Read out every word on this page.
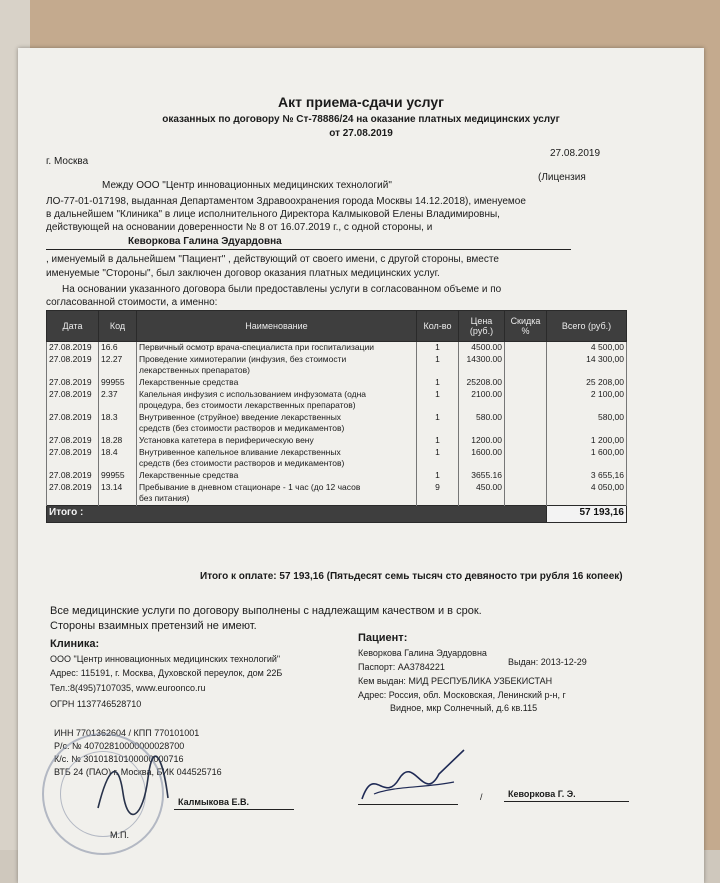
Акт приема-сдачи услуг
оказанных по договору № Ст-78886/24 на оказание платных медицинских услуг
от 27.08.2019
г. Москва
27.08.2019
Между ООО "Центр инновационных медицинских технологий"
(Лицензия
ЛО-77-01-017198, выданная Департаментом Здравоохранения города Москвы 14.12.2018), именуемое
в дальнейшем "Клиника" в лице исполнительного Директора Калмыковой Елены Владимировны,
действующей на основании доверенности № 8 от 16.07.2019 г., с одной стороны, и
Кеворкова Галина Эдуардовна
, именуемый в дальнейшем "Пациент" , действующий от своего имени, с другой стороны, вместе
именуемые "Стороны", был заключен договор оказания платных медицинских услуг.
На основании указанного договора были предоставлены услуги в согласованном объеме и по
согласованной стоимости, а именно:
Дата	Код	Наименование	Кол-во	Цена (руб.)	Скидка %	Всего (руб.)
27.08.2019	16.6	Первичный осмотр врача-специалиста при госпитализации	1	4500.00		4 500,00
27.08.2019	12.27	Проведение химиотерапии (инфузия, без стоимости
лекарственных препаратов)	1	14300.00		14 300,00
27.08.2019	99955	Лекарственные средства	1	25208.00		25 208,00
27.08.2019	2.37	Капельная инфузия с использованием инфузомата (одна
процедура, без стоимости лекарственных препаратов)	1	2100.00		2 100,00
27.08.2019	18.3	Внутривенное (струйное) введение лекарственных
средств (без стоимости растворов и медикаментов)	1	580.00		580,00
27.08.2019	18.28	Установка катетера в периферическую вену	1	1200.00		1 200,00
27.08.2019	18.4	Внутривенное капельное вливание лекарственных
средств (без стоимости растворов и медикаментов)	1	1600.00		1 600,00
27.08.2019	99955	Лекарственные средства	1	3655.16		3 655,16
27.08.2019	13.14	Пребывание в дневном стационаре - 1 час (до 12 часов
без питания)	9	450.00		4 050,00
Итого :						57 193,16
Итого к оплате: 57 193,16 (Пятьдесят семь тысяч сто девяносто три рубля 16 копеек)
Все медицинские услуги по договору выполнены с надлежащим качеством и в срок.
Стороны взаимных претензий не имеют.
Клиника:
ООО "Центр инновационных медицинских технологий"
Адрес: 115191, г. Москва, Духовской переулок, дом 22Б
Тел.:8(495)7107035, www.euroonco.ru
ОГРН 1137746528710
ИНН 7701362604 / КПП 770101001
Р/с. № 40702810000000028700
К/с. № 30101810100000000716
ВТБ 24 (ПАО) г. Москва, БИК 044525716
Калмыкова Е.В.
М.П.
Пациент:
Кеворкова Галина Эдуардовна
Паспорт: АА3784221	Выдан: 2013-12-29
Кем выдан: МИД РЕСПУБЛИКА УЗБЕКИСТАН
Адрес: Россия, обл. Московская, Ленинский р-н, г
Видное, мкр Солнечный, д.6 кв.115
/	Кеворкова Г. Э.
